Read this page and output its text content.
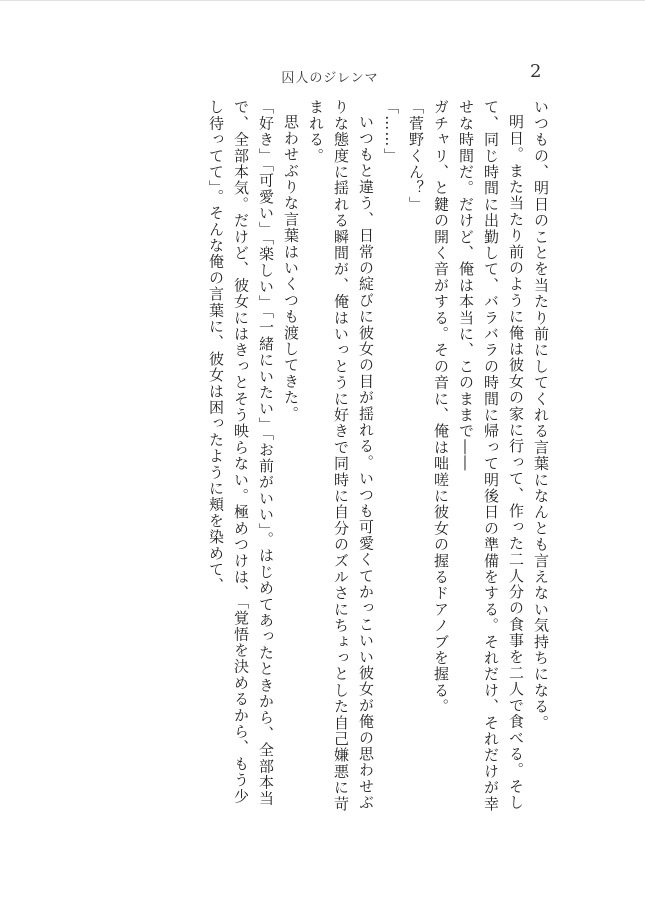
囚人のジレンマ	2

いつもの、明日のことを当たり前にしてくれる言葉になんとも言えない気持ちになる。

明日。また当たり前のように俺は彼女の家に行って、作った二人分の食事を二人で食べる。そして、同じ時間に出勤して、バラバラの時間に帰って明後日の準備をする。それだけ、それだけが幸せな時間だ。だけど、俺は本当に、このままで――

ガチャリ、と鍵の開く音がする。その音に、俺は咄嗟に彼女の握るドアノブを握る。

「菅野くん？」

「……」

いつもと違う、日常の綻びに彼女の目が揺れる。いつも可愛くてかっこいい彼女が俺の思わせぶりな態度に揺れる瞬間が、俺はいっとうに好きで同時に自分のズルさにちょっとした自己嫌悪に苛まれる。

思わせぶりな言葉はいくつも渡してきた。

「好き」「可愛い」「楽しい」「一緒にいたい」「お前がいい」。はじめてあったときから、全部本当で、全部本気。だけど、彼女にはきっとそう映らない。極めつけは、「覚悟を決めるから、もう少し待ってて」。そんな俺の言葉に、彼女は困ったように頬を染めて、
